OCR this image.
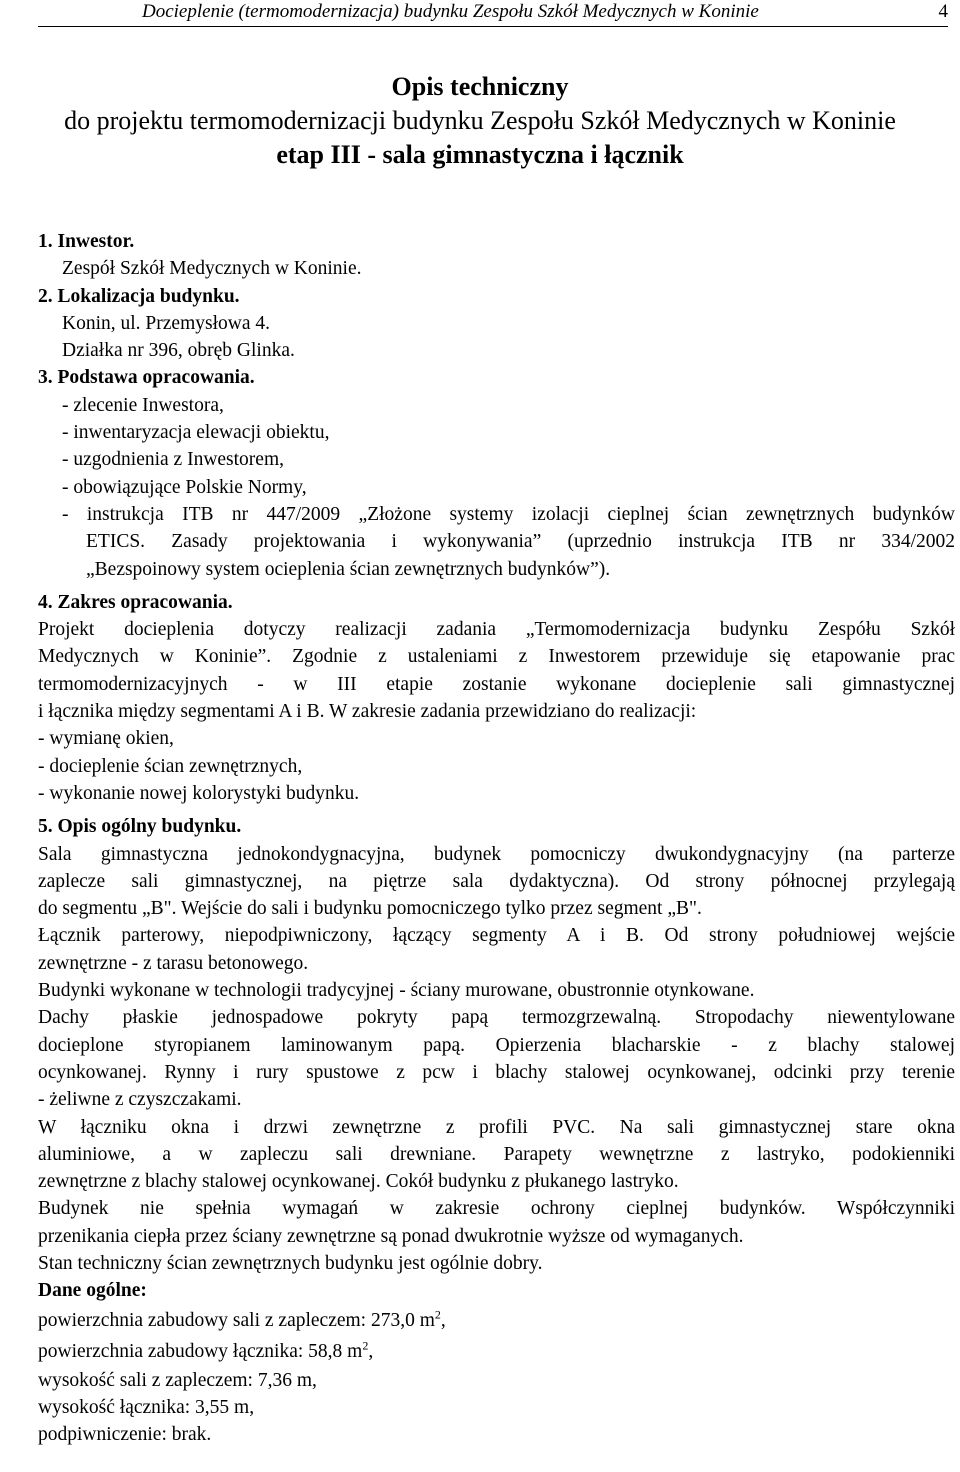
Docieplenie (termomodernizacja) budynku Zespołu Szkół Medycznych w Koninie	4
Opis techniczny
do projektu termomodernizacji budynku Zespołu Szkół Medycznych w Koninie
etap III - sala gimnastyczna i łącznik
1. Inwestor.
Zespół Szkół Medycznych w Koninie.
2. Lokalizacja budynku.
Konin, ul. Przemysłowa 4.
Działka nr 396, obręb Glinka.
3. Podstawa opracowania.
- zlecenie Inwestora,
- inwentaryzacja elewacji obiektu,
- uzgodnienia z Inwestorem,
- obowiązujące Polskie Normy,
- instrukcja ITB nr 447/2009 „Złożone systemy izolacji cieplnej ścian zewnętrznych budynków
ETICS. Zasady projektowania i wykonywania” (uprzednio instrukcja ITB nr 334/2002
„Bezspoinowy system ocieplenia ścian zewnętrznych budynków”).
4. Zakres opracowania.
Projekt docieplenia dotyczy realizacji zadania „Termomodernizacja budynku Zespółu Szkół
Medycznych w Koninie”. Zgodnie z ustaleniami z Inwestorem przewiduje się etapowanie prac
termomodernizacyjnych - w III etapie zostanie wykonane docieplenie sali gimnastycznej
i łącznika między segmentami A i B. W zakresie zadania przewidziano do realizacji:
- wymianę okien,
- docieplenie ścian zewnętrznych,
- wykonanie nowej kolorystyki budynku.
5. Opis ogólny budynku.
Sala gimnastyczna jednokondygnacyjna, budynek pomocniczy dwukondygnacyjny (na parterze
zaplecze sali gimnastycznej, na piętrze sala dydaktyczna). Od strony północnej przylegają
do segmentu „B". Wejście do sali i budynku pomocniczego tylko przez segment „B".
Łącznik parterowy, niepodpiwniczony, łączący segmenty A i B. Od strony południowej wejście
zewnętrzne - z tarasu betonowego.
Budynki wykonane w technologii tradycyjnej - ściany murowane, obustronnie otynkowane.
Dachy płaskie jednospadowe pokryty papą termozgrzewalną. Stropodachy niewentylowane
docieplone styropianem laminowanym papą. Opierzenia blacharskie - z blachy stalowej
ocynkowanej. Rynny i rury spustowe z pcw i blachy stalowej ocynkowanej, odcinki przy terenie
- żeliwne z czyszczakami.
W łączniku okna i drzwi zewnętrzne z profili PVC. Na sali gimnastycznej stare okna
aluminiowe, a w zapleczu sali drewniane. Parapety wewnętrzne z lastryko, podokienniki
zewnętrzne z blachy stalowej ocynkowanej. Cokół budynku z płukanego lastryko.
Budynek nie spełnia wymagań w zakresie ochrony cieplnej budynków. Współczynniki
przenikania ciepła przez ściany zewnętrzne są ponad dwukrotnie wyższe od wymaganych.
Stan techniczny ścian zewnętrznych budynku jest ogólnie dobry.
Dane ogólne:
powierzchnia zabudowy sali z zapleczem: 273,0 $m^2$,
powierzchnia zabudowy łącznika: 58,8 $m^2$,
wysokość sali z zapleczem: 7,36 m,
wysokość łącznika: 3,55 m,
podpiwniczenie: brak.
